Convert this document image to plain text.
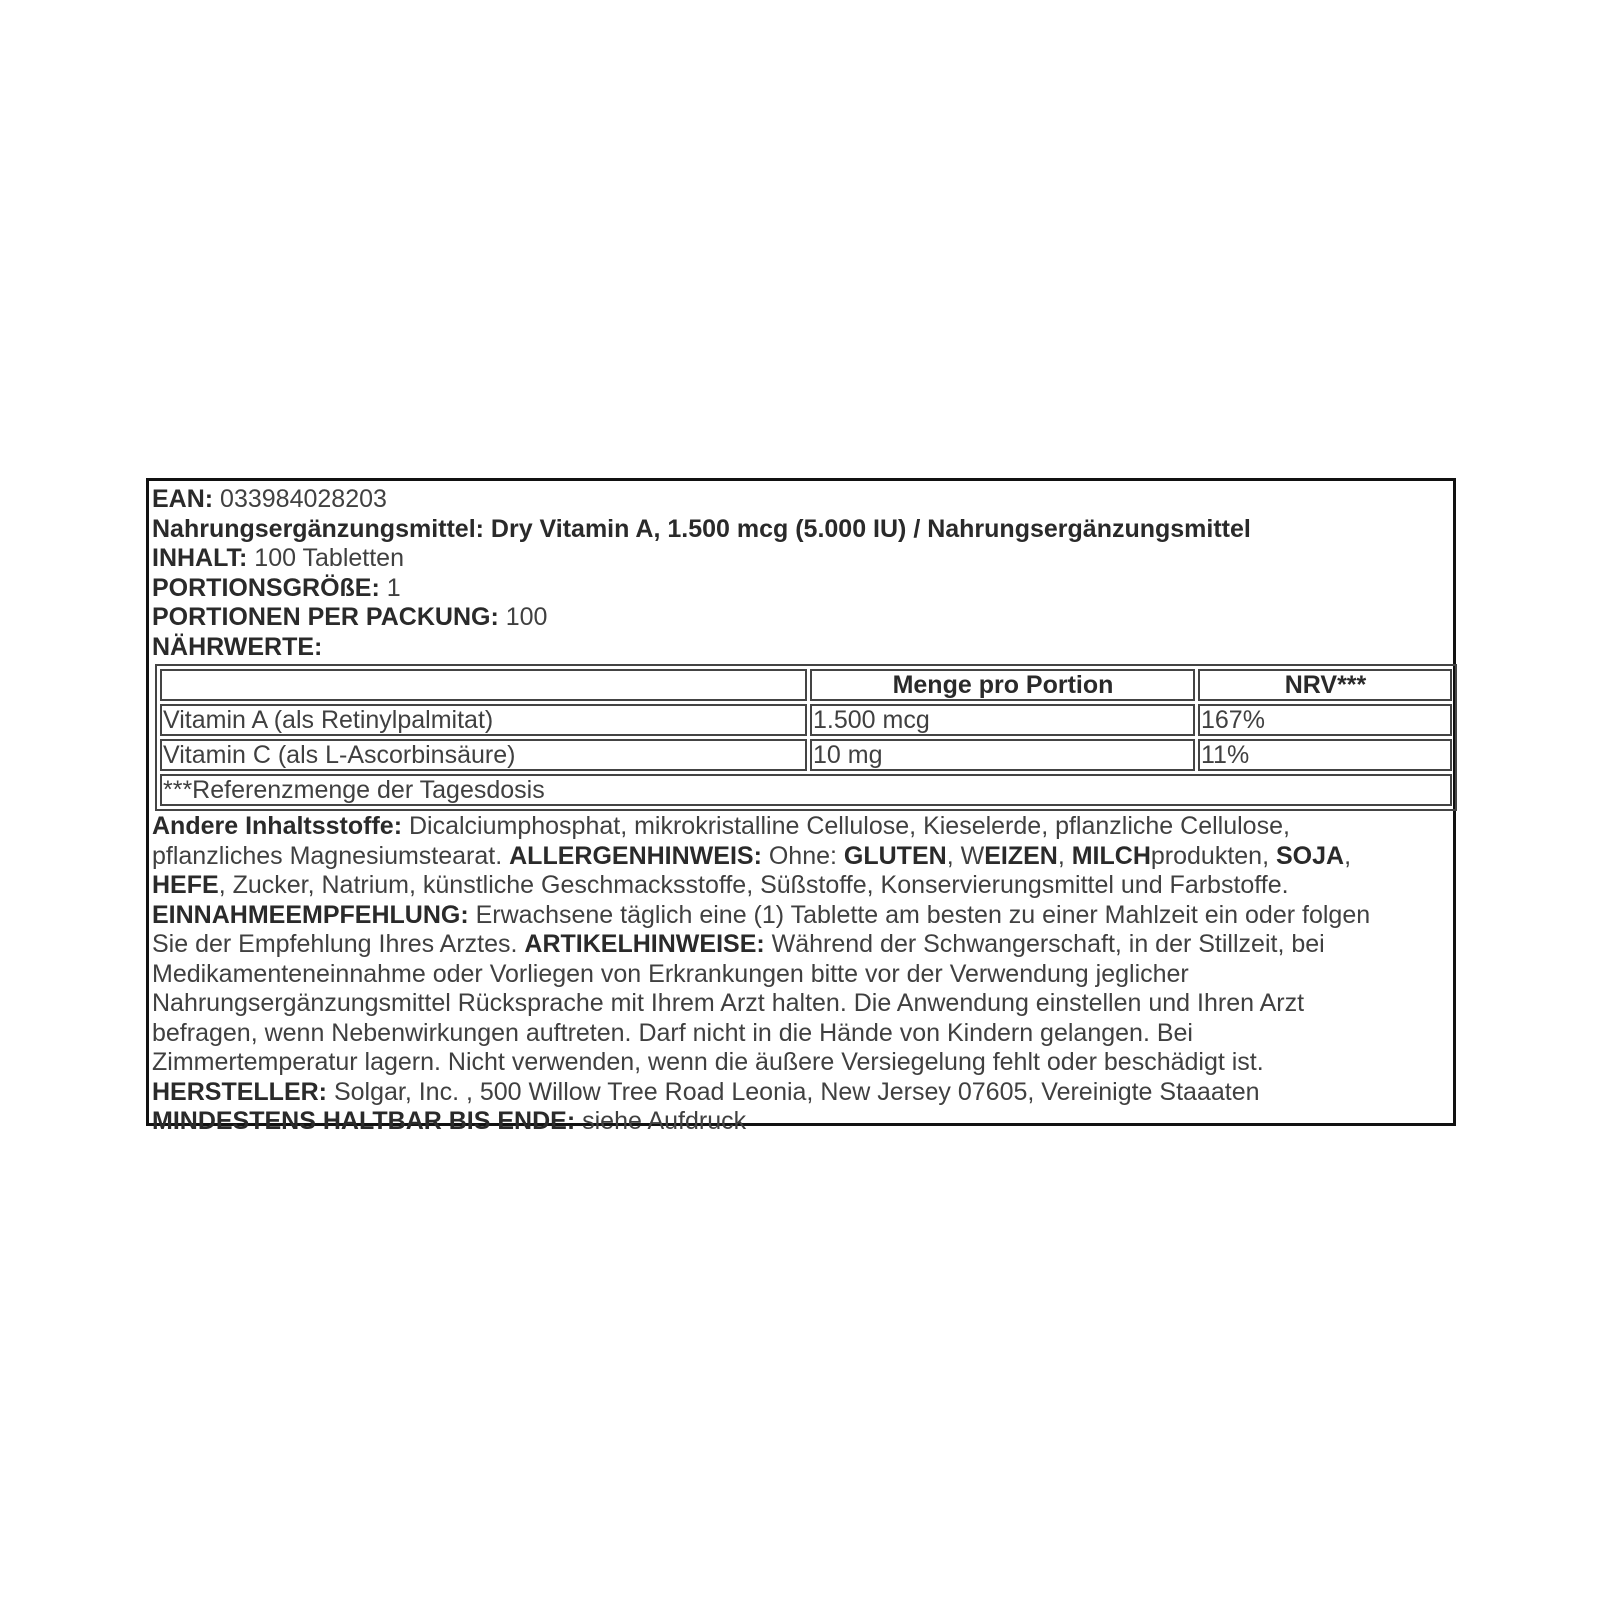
EAN: 033984028203
Nahrungsergänzungsmittel: Dry Vitamin A, 1.500 mcg (5.000 IU) / Nahrungsergänzungsmittel
INHALT: 100 Tabletten
PORTIONSGRÖßE: 1
PORTIONEN PER PACKUNG: 100
NÄHRWERTE:
	Menge pro Portion	NRV***
Vitamin A (als Retinylpalmitat)	1.500 mcg	167%
Vitamin C (als L-Ascorbinsäure)	10 mg	11%
***Referenzmenge der Tagesdosis		

Andere Inhaltsstoffe: Dicalciumphosphat, mikrokristalline Cellulose, Kieselerde, pflanzliche Cellulose,

pflanzliches Magnesiumstearat. ALLERGENHINWEIS: Ohne: GLUTEN, WEIZEN, MILCHprodukten, SOJA,

HEFE, Zucker, Natrium, künstliche Geschmacksstoffe, Süßstoffe, Konservierungsmittel und Farbstoffe.

EINNAHMEEMPFEHLUNG: Erwachsene täglich eine (1) Tablette am besten zu einer Mahlzeit ein oder folgen

Sie der Empfehlung Ihres Arztes. ARTIKELHINWEISE: Während der Schwangerschaft, in der Stillzeit, bei

Medikamenteneinnahme oder Vorliegen von Erkrankungen bitte vor der Verwendung jeglicher

Nahrungsergänzungsmittel Rücksprache mit Ihrem Arzt halten. Die Anwendung einstellen und Ihren Arzt

befragen, wenn Nebenwirkungen auftreten. Darf nicht in die Hände von Kindern gelangen. Bei

Zimmertemperatur lagern. Nicht verwenden, wenn die äußere Versiegelung fehlt oder beschädigt ist.

HERSTELLER: Solgar, Inc. , 500 Willow Tree Road Leonia, New Jersey 07605, Vereinigte Staaaten

MINDESTENS HALTBAR BIS ENDE: siehe Aufdruck
